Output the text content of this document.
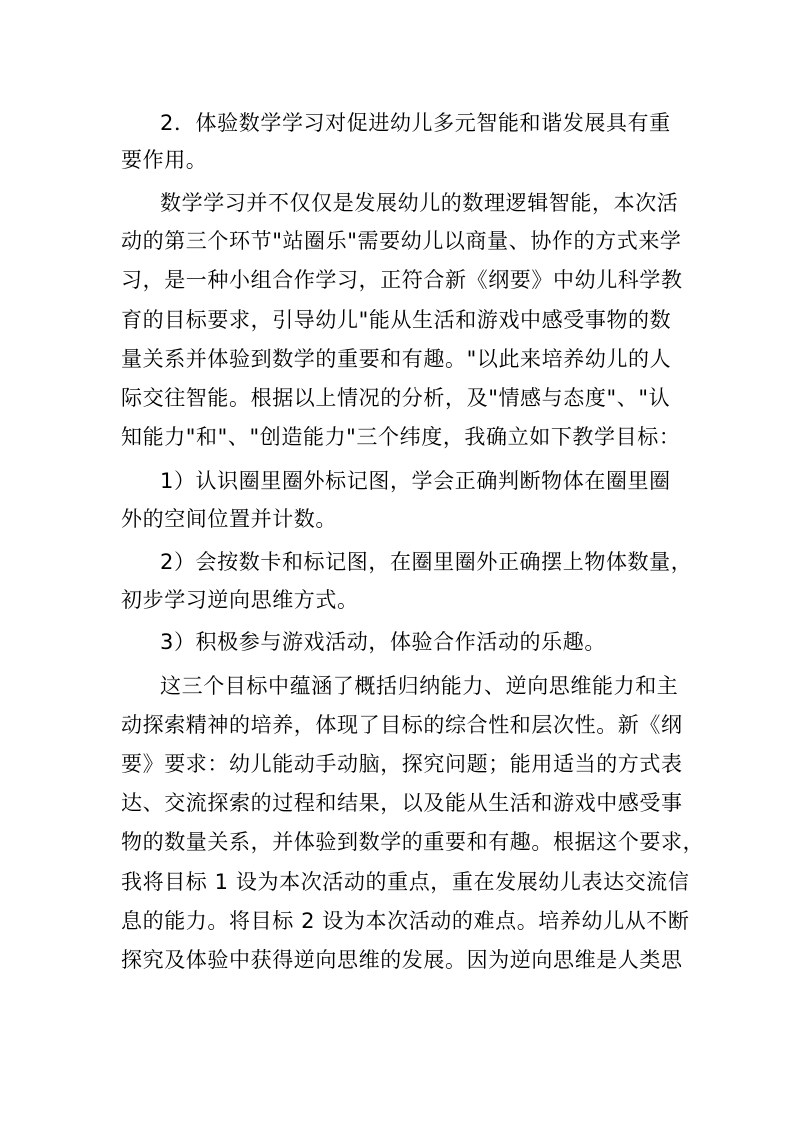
2．体验数学学习对促进幼儿多元智能和谐发展具有重
要作用。
数学学习并不仅仅是发展幼儿的数理逻辑智能，本次活
动的第三个环节"站圈乐"需要幼儿以商量、协作的方式来学
习，是一种小组合作学习，正符合新《纲要》中幼儿科学教
育的目标要求，引导幼儿"能从生活和游戏中感受事物的数
量关系并体验到数学的重要和有趣。"以此来培养幼儿的人
际交往智能。根据以上情况的分析，及"情感与态度"、"认
知能力"和"、"创造能力"三个纬度，我确立如下教学目标：
1）认识圈里圈外标记图，学会正确判断物体在圈里圈
外的空间位置并计数。
2）会按数卡和标记图，在圈里圈外正确摆上物体数量，
初步学习逆向思维方式。
3）积极参与游戏活动，体验合作活动的乐趣。
这三个目标中蕴涵了概括归纳能力、逆向思维能力和主
动探索精神的培养，体现了目标的综合性和层次性。新《纲
要》要求：幼儿能动手动脑，探究问题；能用适当的方式表
达、交流探索的过程和结果，以及能从生活和游戏中感受事
物的数量关系，并体验到数学的重要和有趣。根据这个要求，
我将目标 1 设为本次活动的重点，重在发展幼儿表达交流信
息的能力。将目标 2 设为本次活动的难点。培养幼儿从不断
探究及体验中获得逆向思维的发展。因为逆向思维是人类思
